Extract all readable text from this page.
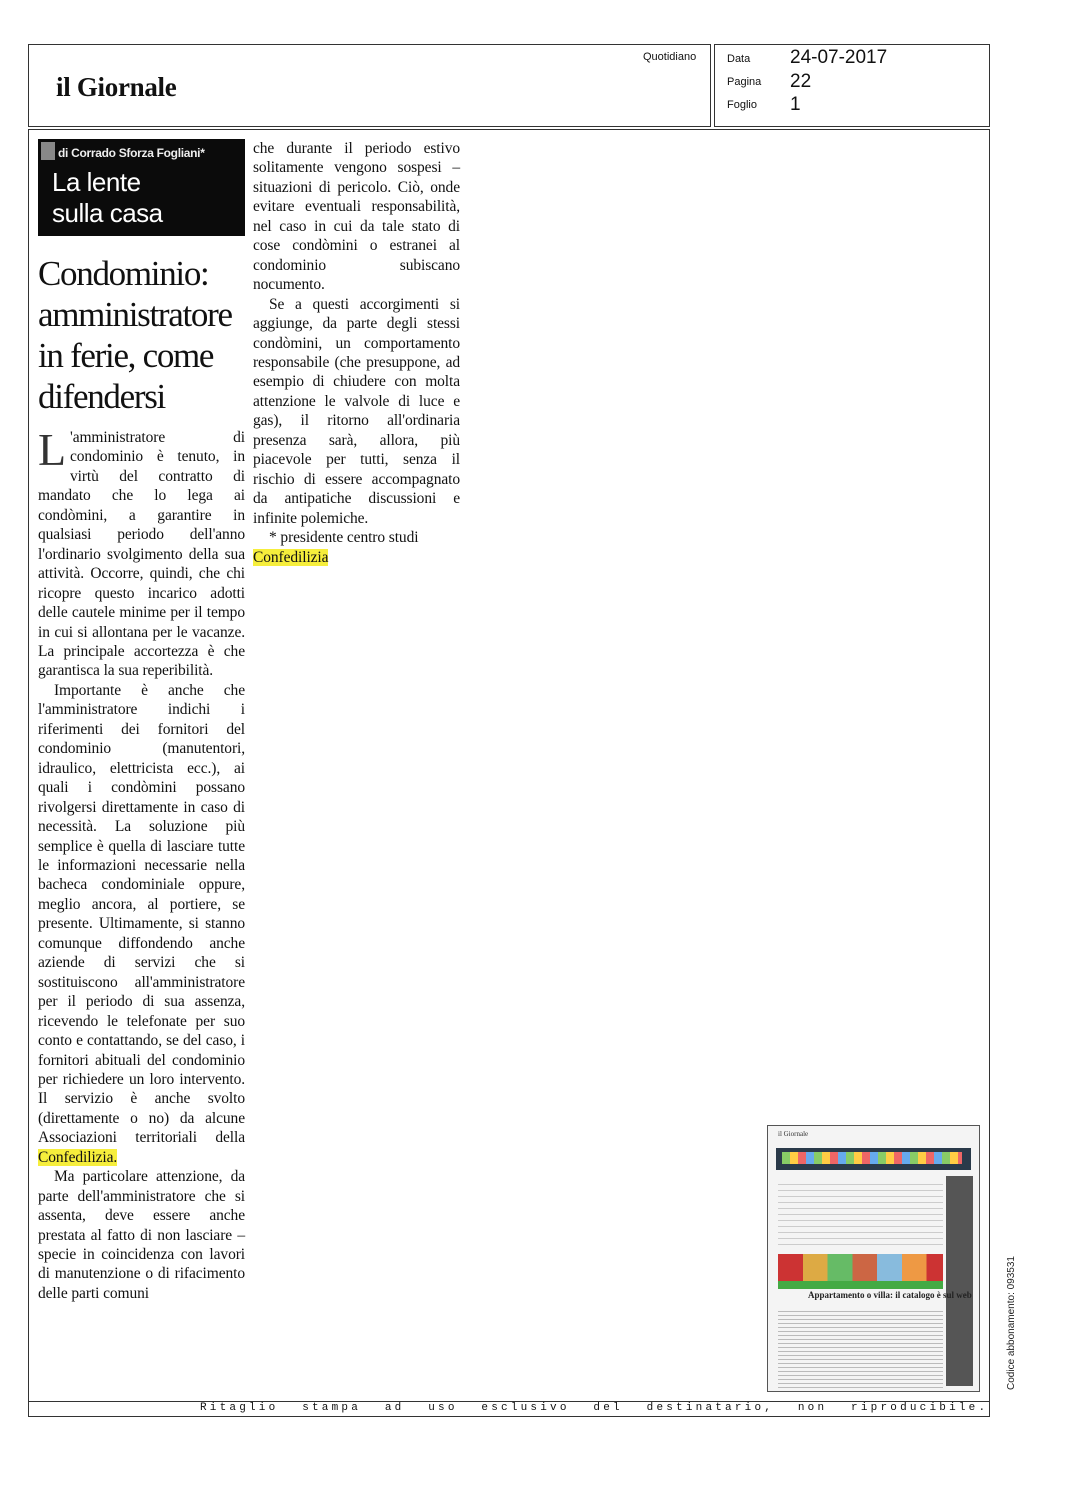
il Giornale
Quotidiano	Data 24-07-2017
Pagina 22
Foglio 1
di Corrado Sforza Fogliani*
La lente
sulla casa
Condominio: amministratore in ferie, come difendersi

L 'amministratore di condominio è tenuto, in virtù del contratto di mandato che lo lega ai condòmini, a garantire in qualsiasi periodo dell'anno l'ordinario svolgimento della sua attività. Occorre, quindi, che chi ricopre questo incarico adotti delle cautele minime per il tempo in cui si allontana per le vacanze. La principale accortezza è che garantisca la sua reperibilità.

Importante è anche che l'amministratore indichi i riferimenti dei fornitori del condominio (manutentori, idraulico, elettricista ecc.), ai quali i condòmini possano rivolgersi direttamente in caso di necessità. La soluzione più semplice è quella di lasciare tutte le informazioni necessarie nella bacheca condominiale oppure, meglio ancora, al portiere, se presente. Ultimamente, si stanno comunque diffondendo anche aziende di servizi che si sostituiscono all'amministratore per il periodo di sua assenza, ricevendo le telefonate per suo conto e contattando, se del caso, i fornitori abituali del condominio per richiedere un loro intervento. Il servizio è anche svolto (direttamente o no) da alcune Associazioni territoriali della Confedilizia.

Ma particolare attenzione, da parte dell'amministratore che si assenta, deve essere anche prestata al fatto di non lasciare – specie in coincidenza con lavori di manutenzione o di rifacimento delle parti comuni

che durante il periodo estivo solitamente vengono sospesi – situazioni di pericolo. Ciò, onde evitare eventuali responsabilità, nel caso in cui da tale stato di cose condòmini o estranei al condominio subiscano nocumento.

Se a questi accorgimenti si aggiunge, da parte degli stessi condòmini, un comportamento responsabile (che presuppone, ad esempio di chiudere con molta attenzione le valvole di luce e gas), il ritorno all'ordinaria presenza sarà, allora, più piacevole per tutti, senza il rischio di essere accompagnato da antipatiche discussioni e infinite polemiche.

* presidente centro studi

Confedilizia

il Giornale
Appartamento o villa: il catalogo è sul web	Codice abbonamento: 093531
Ritaglio stampa ad uso esclusivo del destinatario, non riproducibile.
